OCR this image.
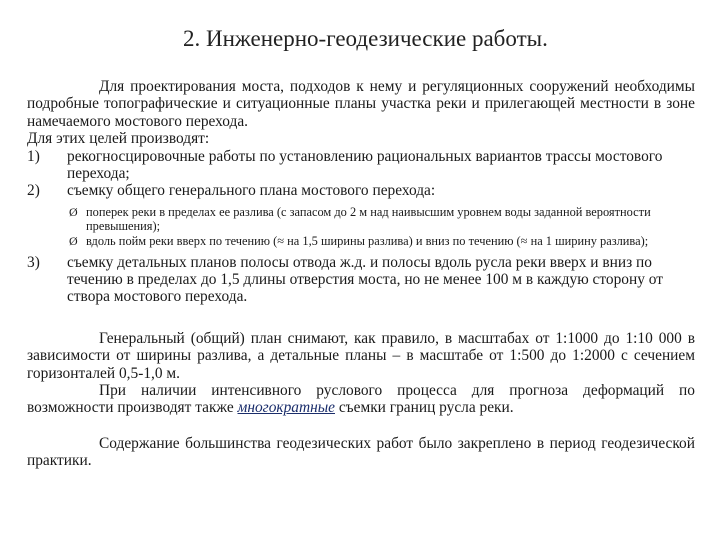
2. Инженерно-геодезические работы.

Для проектирования моста, подходов к нему и регуляционных сооружений необходимы подробные топографические и ситуационные планы участка реки и прилегающей местности в зоне намечаемого мостового перехода.

Для этих целей производят:

1) рекогносцировочные работы по установлению рациональных вариантов трассы мостового перехода;

2) съемку общего генерального плана мостового перехода:

Ø поперек реки в пределах ее разлива (с запасом до 2 м над наивысшим уровнем воды заданной вероятности превышения);

Ø вдоль пойм реки вверх по течению (≈ на 1,5 ширины разлива) и вниз по течению (≈ на 1 ширину разлива);

3) съемку детальных планов полосы отвода ж.д. и полосы вдоль русла реки вверх и вниз по течению в пределах до 1,5 длины отверстия моста, но не менее 100 м в каждую сторону от створа мостового перехода.

Генеральный (общий) план снимают, как правило, в масштабах от 1:1000 до 1:10 000 в зависимости от ширины разлива, а детальные планы – в масштабе от 1:500 до 1:2000 с сечением горизонталей 0,5-1,0 м.

При наличии интенсивного руслового процесса для прогноза деформаций по возможности производят также многократные съемки границ русла реки.

Содержание большинства геодезических работ было закреплено в период геодезической практики.
